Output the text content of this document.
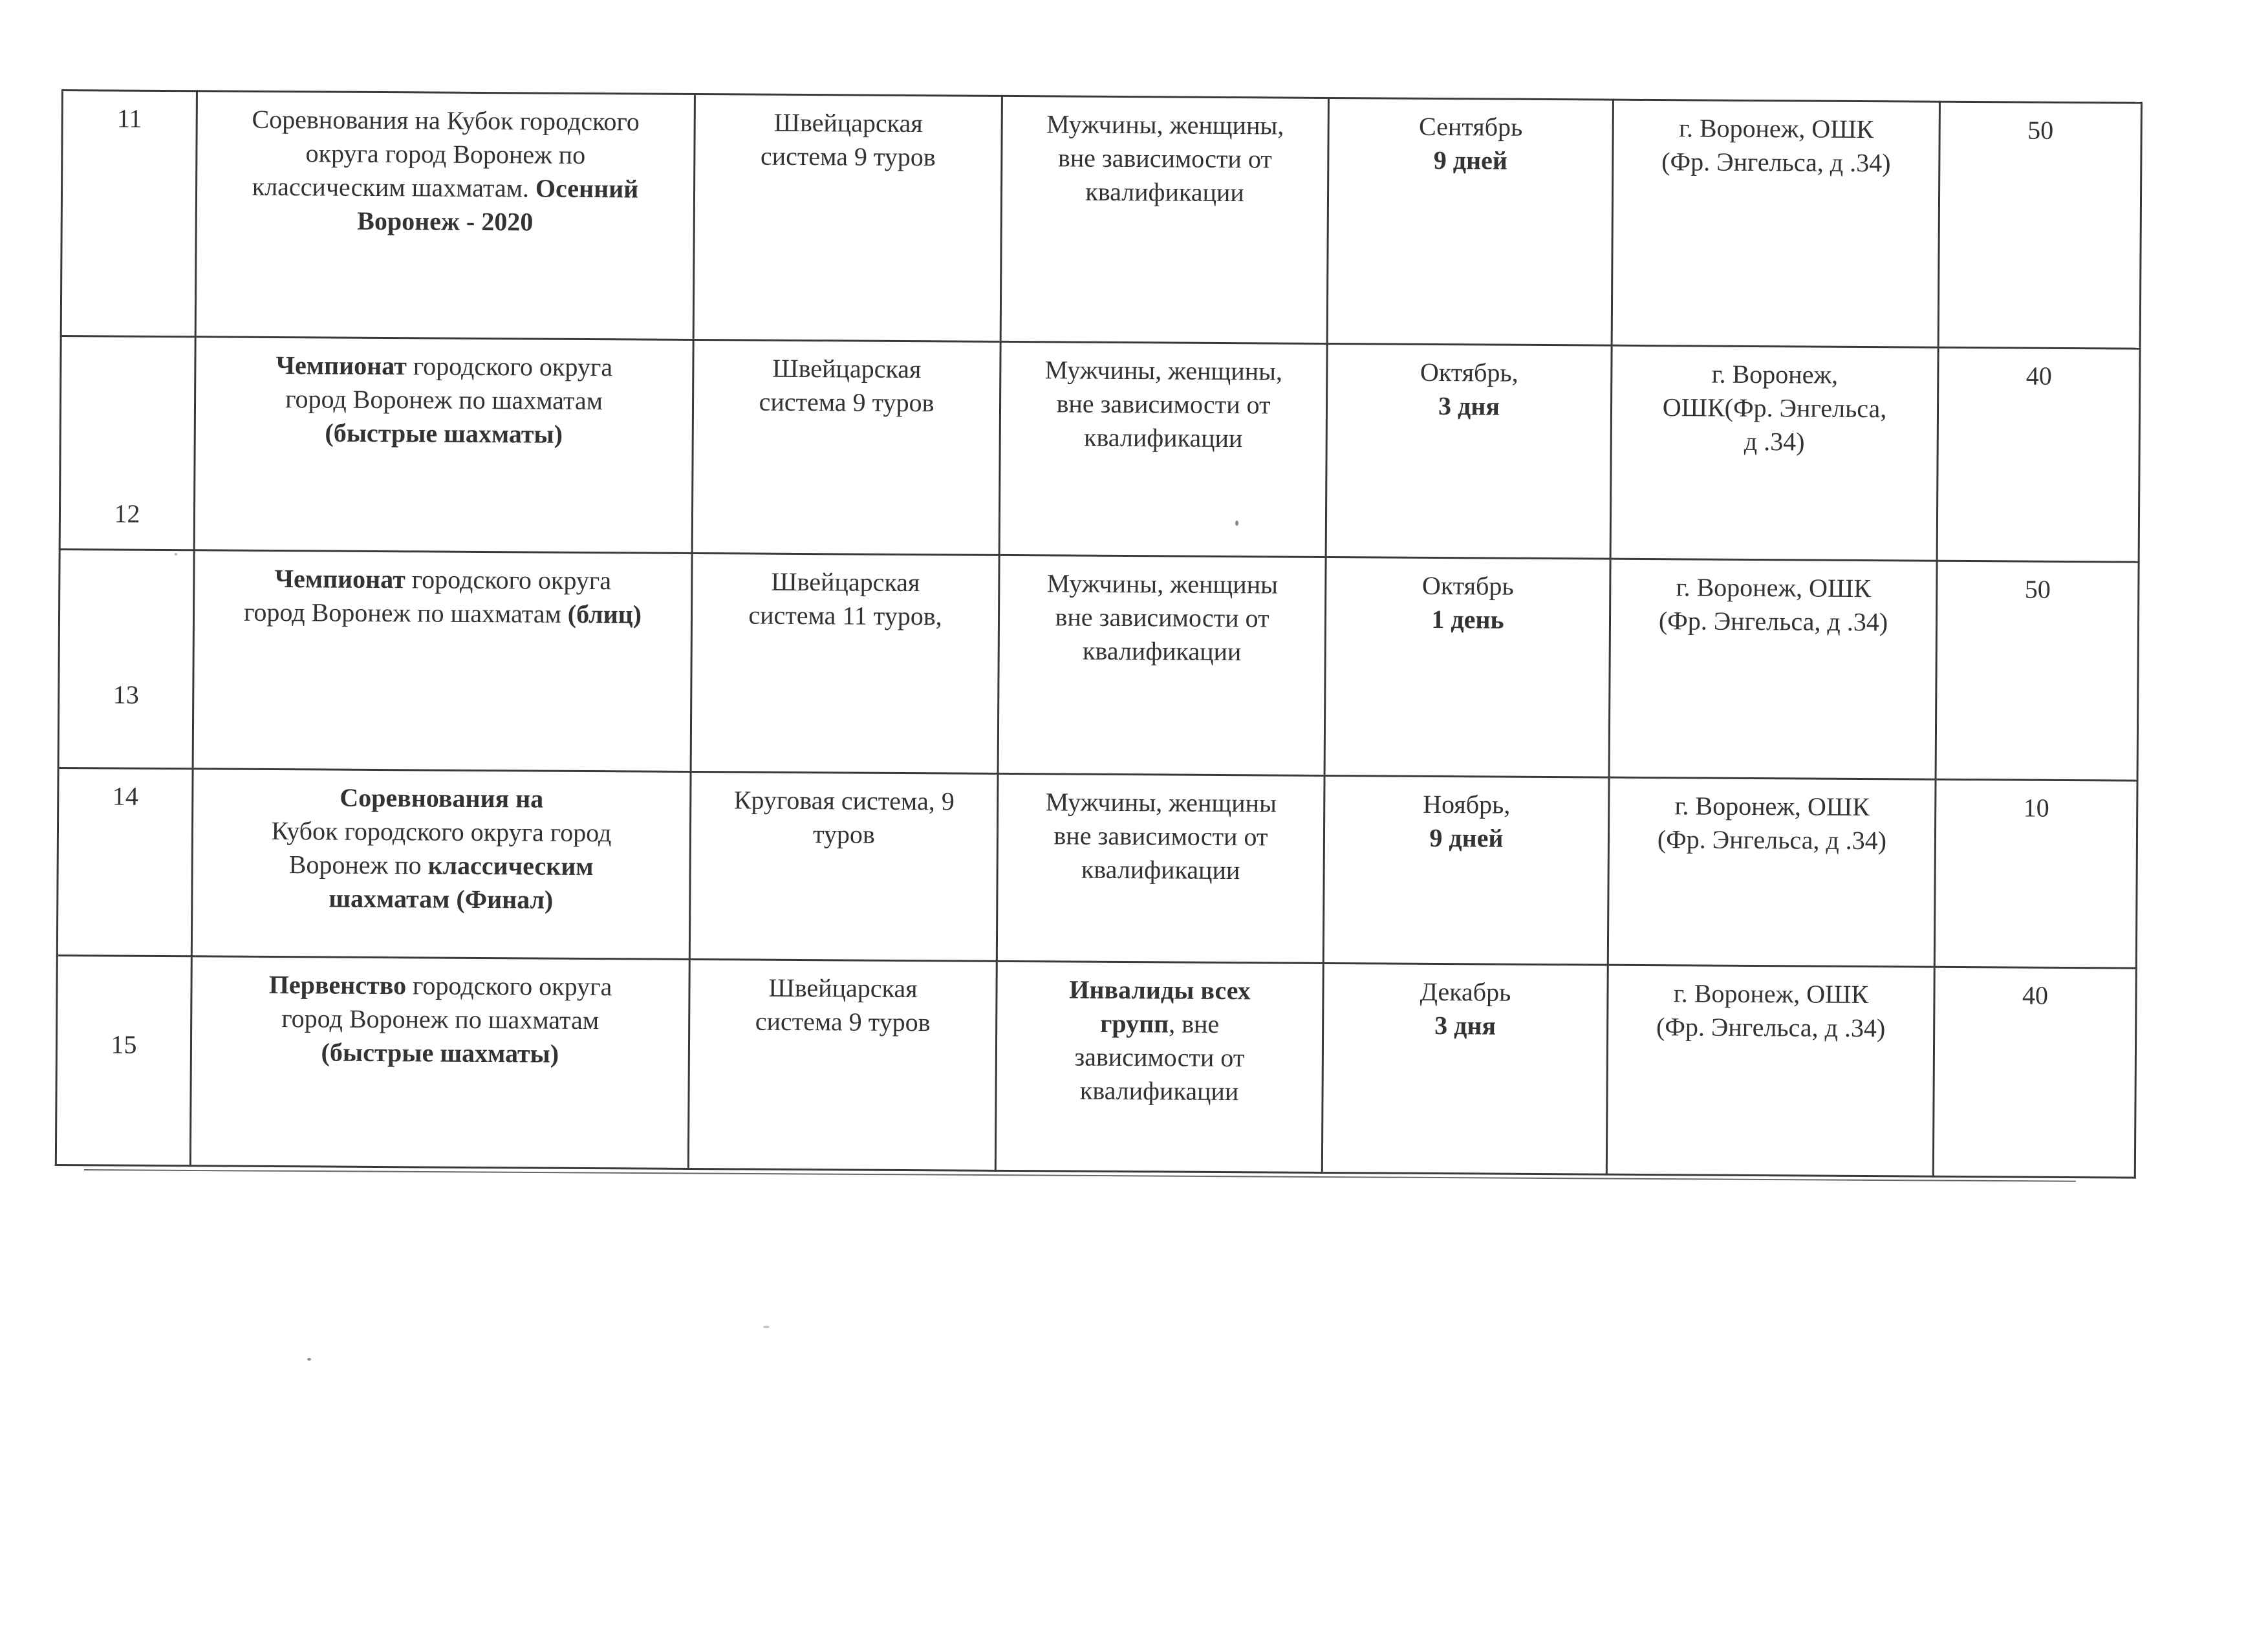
11	Соревнования на Кубок городского
округа город Воронеж по
классическим шахматам. Осенний
Воронеж - 2020	Швейцарская
система 9 туров	Мужчины, женщины,
вне зависимости от
квалификации	Сентябрь
9 дней	г. Воронеж, ОШК
(Фр. Энгельса, д .34)	50
12	Чемпионат городского округа
город Воронеж по шахматам
(быстрые шахматы)	Швейцарская
система 9 туров	Мужчины, женщины,
вне зависимости от
квалификации	Октябрь,
3 дня	г. Воронеж,
ОШК(Фр. Энгельса,
д .34)	40
13	Чемпионат городского округа
город Воронеж по шахматам (блиц)	Швейцарская
система 11 туров,	Мужчины, женщины
вне зависимости от
квалификации	Октябрь
1 день	г. Воронеж, ОШК
(Фр. Энгельса, д .34)	50
14	Соревнования на
Кубок городского округа город
Воронеж по классическим
шахматам (Финал)	Круговая система, 9
туров	Мужчины, женщины
вне зависимости от
квалификации	Ноябрь,
9 дней	г. Воронеж, ОШК
(Фр. Энгельса, д .34)	10
15	Первенство городского округа
город Воронеж по шахматам
(быстрые шахматы)	Швейцарская
система 9 туров	Инвалиды всех
групп, вне
зависимости от
квалификации	Декабрь
3 дня	г. Воронеж, ОШК
(Фр. Энгельса, д .34)	40
